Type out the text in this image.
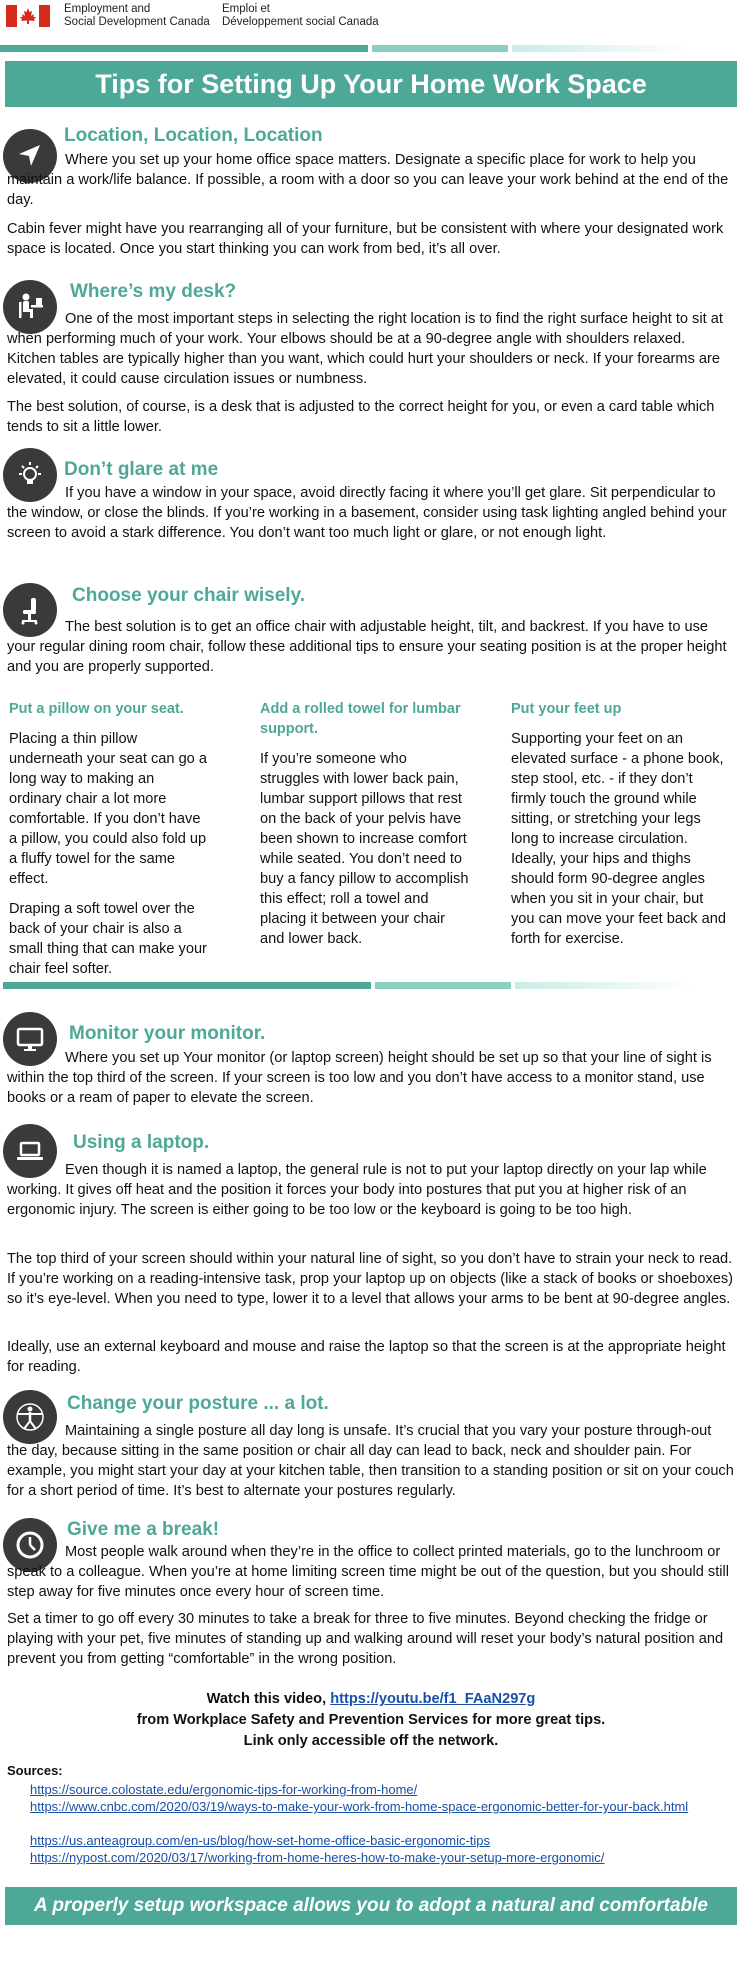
Employment and
Social Development Canada
Emploi et
Développement social Canada
Tips for Setting Up Your Home Work Space
Location, Location, Location
Where you set up your home office space matters. Designate a specific place for work to help you maintain a work/life balance. If possible, a room with a door so you can leave your work behind at the end of the day.
Cabin fever might have you rearranging all of your furniture, but be consistent with where your designated work space is located. Once you start thinking you can work from bed, it’s all over.
Where’s my desk?
One of the most important steps in selecting the right location is to find the right surface height to sit at when performing much of your work. Your elbows should be at a 90-degree angle with shoulders relaxed. Kitchen tables are typically higher than you want, which could hurt your shoulders or neck. If your forearms are elevated, it could cause circulation issues or numbness.
The best solution, of course, is a desk that is adjusted to the correct height for you, or even a card table which tends to sit a little lower.
Don’t glare at me
If you have a window in your space, avoid directly facing it where you’ll get glare. Sit perpendicular to the window, or close the blinds. If you’re working in a basement, consider using task lighting angled behind your screen to avoid a stark difference. You don’t want too much light or glare, or not enough light.
Choose your chair wisely.
The best solution is to get an office chair with adjustable height, tilt, and backrest. If you have to use your regular dining room chair, follow these additional tips to ensure your seating position is at the proper height and you are properly supported.
Put a pillow on your seat.

Placing a thin pillow underneath your seat can go a long way to making an ordinary chair a lot more comfortable. If you don’t have a pillow, you could also fold up a fluffy towel for the same effect.

Draping a soft towel over the back of your chair is also a small thing that can make your chair feel softer.

Add a rolled towel for lumbar support.

If you’re someone who struggles with lower back pain, lumbar support pillows that rest on the back of your pelvis have been shown to increase comfort while seated. You don’t need to buy a fancy pillow to accomplish this effect; roll a towel and placing it between your chair and lower back.

Put your feet up

Supporting your feet on an elevated surface - a phone book, step stool, etc. - if they don’t firmly touch the ground while sitting, or stretching your legs long to increase circulation. Ideally, your hips and thighs should form 90-degree angles when you sit in your chair, but you can move your feet back and forth for exercise.

Monitor your monitor.
Where you set up Your monitor (or laptop screen) height should be set up so that your line of sight is within the top third of the screen. If your screen is too low and you don’t have access to a monitor stand, use books or a ream of paper to elevate the screen.
Using a laptop.
Even though it is named a laptop, the general rule is not to put your laptop directly on your lap while working. It gives off heat and the position it forces your body into postures that put you at higher risk of an ergonomic injury. The screen is either going to be too low or the keyboard is going to be too high.
The top third of your screen should within your natural line of sight, so you don’t have to strain your neck to read. If you’re working on a reading-intensive task, prop your laptop up on objects (like a stack of books or shoeboxes) so it’s eye-level. When you need to type, lower it to a level that allows your arms to be bent at 90-degree angles.
Ideally, use an external keyboard and mouse and raise the laptop so that the screen is at the appropriate height for reading.
Change your posture ... a lot.
Maintaining a single posture all day long is unsafe. It’s crucial that you vary your posture through-out the day, because sitting in the same position or chair all day can lead to back, neck and shoulder pain. For example, you might start your day at your kitchen table, then transition to a standing position or sit on your couch for a short period of time. It’s best to alternate your postures regularly.
Give me a break!
Most people walk around when they’re in the office to collect printed materials, go to the lunchroom or speak to a colleague. When you’re at home limiting screen time might be out of the question, but you should still step away for five minutes once every hour of screen time.
Set a timer to go off every 30 minutes to take a break for three to five minutes. Beyond checking the fridge or playing with your pet, five minutes of standing up and walking around will reset your body’s natural position and prevent you from getting “comfortable” in the wrong position.
Watch this video, https://youtu.be/f1_FAaN297g
from Workplace Safety and Prevention Services for more great tips.
Link only accessible off the network.
Sources:
https://source.colostate.edu/ergonomic-tips-for-working-from-home/
https://www.cnbc.com/2020/03/19/ways-to-make-your-work-from-home-space-ergonomic-better-for-your-back.html
https://us.anteagroup.com/en-us/blog/how-set-home-office-basic-ergonomic-tips
https://nypost.com/2020/03/17/working-from-home-heres-how-to-make-your-setup-more-ergonomic/
A properly setup workspace allows you to adopt a natural and comfortable posture.
